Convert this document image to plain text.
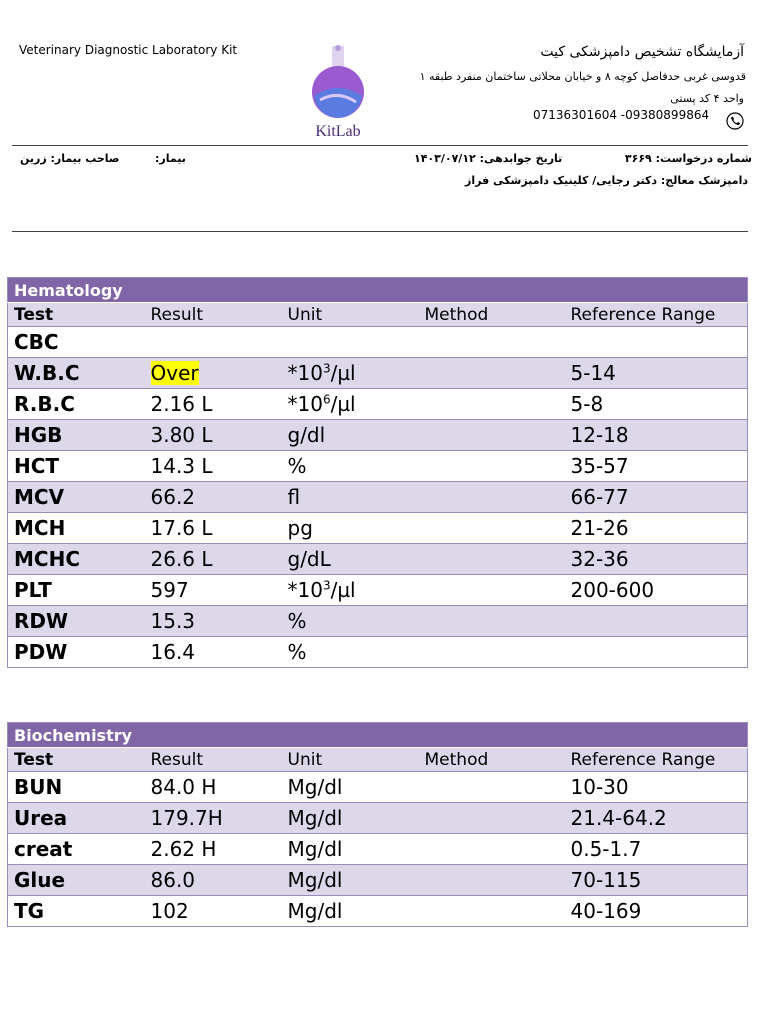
Veterinary Diagnostic Laboratory Kit
KitLab
آزمایشگاه تشخیص دامپزشکی کیت
قدوسی غربی حدفاصل کوچه ۸ و خیابان محلاتی ساختمان منفرد طبقه ۱
واحد ۴ کد پستی
07136301604 -09380899864
شماره درخواست: ۳۶۶۹
تاریخ جوابدهی: ۱۴۰۳/۰۷/۱۲
بیمار:
صاحب بیمار: زرین
دامپزشک معالج: دکتر رجایی/ کلینیک دامپزشکی فراز
Hematology				
Test	Result	Unit	Method	Reference Range
CBC				
W.B.C	Over	$*10^3/\mu l$		5-14
R.B.C	2.16 L	$*10^6/\mu l$		5-8
HGB	3.80 L	g/dl		12-18
HCT	14.3 L	%		35-57
MCV	66.2	fl		66-77
MCH	17.6 L	pg		21-26
MCHC	26.6 L	g/dL		32-36
PLT	597	$*10^3/\mu l$		200-600
RDW	15.3	%		
PDW	16.4	%		
Biochemistry				
Test	Result	Unit	Method	Reference Range
BUN	84.0 H	Mg/dl		10-30
Urea	179.7H	Mg/dl		21.4-64.2
creat	2.62 H	Mg/dl		0.5-1.7
Glue	86.0	Mg/dl		70-115
TG	102	Mg/dl		40-169
